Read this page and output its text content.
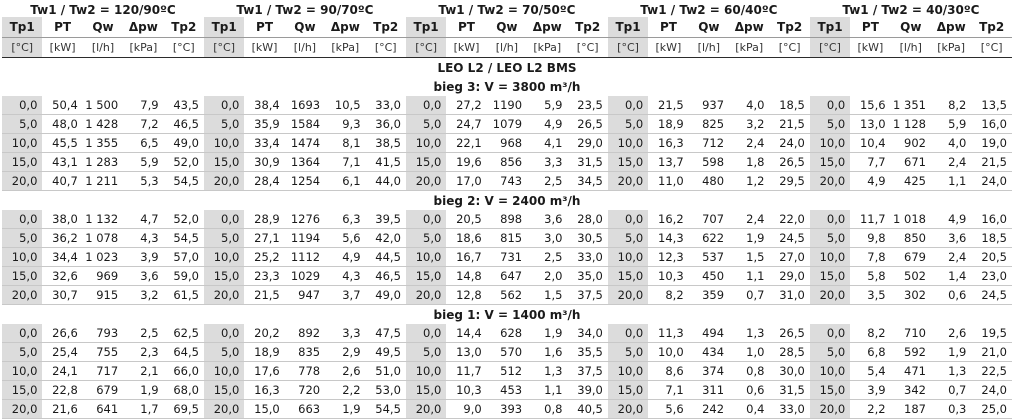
Tw1 / Tw2 = 120/90ºC					Tw1 / Tw2 = 90/70ºC					Tw1 / Tw2 = 70/50ºC					Tw1 / Tw2 = 60/40ºC					Tw1 / Tw2 = 40/30ºC				
Tp1	PT	Qw	Δpw	Tp2	Tp1	PT	Qw	Δpw	Tp2	Tp1	PT	Qw	Δpw	Tp2	Tp1	PT	Qw	Δpw	Tp2	Tp1	PT	Qw	Δpw	Tp2
[°C]	[kW]	[l/h]	[kPa]	[°C]	[°C]	[kW]	[l/h]	[kPa]	[°C]	[°C]	[kW]	[l/h]	[kPa]	[°C]	[°C]	[kW]	[l/h]	[kPa]	[°C]	[°C]	[kW]	[l/h]	[kPa]	[°C]
LEO L2 / LEO L2 BMS																								
bieg 3: V = 3800 m³/h																								
0,0	50,4	1 500	7,9	43,5	0,0	38,4	1693	10,5	33,0	0,0	27,2	1190	5,9	23,5	0,0	21,5	937	4,0	18,5	0,0	15,6	1 351	8,2	13,5
5,0	48,0	1 428	7,2	46,5	5,0	35,9	1584	9,3	36,0	5,0	24,7	1079	4,9	26,5	5,0	18,9	825	3,2	21,5	5,0	13,0	1 128	5,9	16,0
10,0	45,5	1 355	6,5	49,0	10,0	33,4	1474	8,1	38,5	10,0	22,1	968	4,1	29,0	10,0	16,3	712	2,4	24,0	10,0	10,4	902	4,0	19,0
15,0	43,1	1 283	5,9	52,0	15,0	30,9	1364	7,1	41,5	15,0	19,6	856	3,3	31,5	15,0	13,7	598	1,8	26,5	15,0	7,7	671	2,4	21,5
20,0	40,7	1 211	5,3	54,5	20,0	28,4	1254	6,1	44,0	20,0	17,0	743	2,5	34,5	20,0	11,0	480	1,2	29,5	20,0	4,9	425	1,1	24,0
bieg 2: V = 2400 m³/h																								
0,0	38,0	1 132	4,7	52,0	0,0	28,9	1276	6,3	39,5	0,0	20,5	898	3,6	28,0	0,0	16,2	707	2,4	22,0	0,0	11,7	1 018	4,9	16,0
5,0	36,2	1 078	4,3	54,5	5,0	27,1	1194	5,6	42,0	5,0	18,6	815	3,0	30,5	5,0	14,3	622	1,9	24,5	5,0	9,8	850	3,6	18,5
10,0	34,4	1 023	3,9	57,0	10,0	25,2	1112	4,9	44,5	10,0	16,7	731	2,5	33,0	10,0	12,3	537	1,5	27,0	10,0	7,8	679	2,4	20,5
15,0	32,6	969	3,6	59,0	15,0	23,3	1029	4,3	46,5	15,0	14,8	647	2,0	35,0	15,0	10,3	450	1,1	29,0	15,0	5,8	502	1,4	23,0
20,0	30,7	915	3,2	61,5	20,0	21,5	947	3,7	49,0	20,0	12,8	562	1,5	37,5	20,0	8,2	359	0,7	31,0	20,0	3,5	302	0,6	24,5
bieg 1: V = 1400 m³/h																								
0,0	26,6	793	2,5	62,5	0,0	20,2	892	3,3	47,5	0,0	14,4	628	1,9	34,0	0,0	11,3	494	1,3	26,5	0,0	8,2	710	2,6	19,5
5,0	25,4	755	2,3	64,5	5,0	18,9	835	2,9	49,5	5,0	13,0	570	1,6	35,5	5,0	10,0	434	1,0	28,5	5,0	6,8	592	1,9	21,0
10,0	24,1	717	2,1	66,0	10,0	17,6	778	2,6	51,0	10,0	11,7	512	1,3	37,5	10,0	8,6	374	0,8	30,0	10,0	5,4	471	1,3	22,5
15,0	22,8	679	1,9	68,0	15,0	16,3	720	2,2	53,0	15,0	10,3	453	1,1	39,0	15,0	7,1	311	0,6	31,5	15,0	3,9	342	0,7	24,0
20,0	21,6	641	1,7	69,5	20,0	15,0	663	1,9	54,5	20,0	9,0	393	0,8	40,5	20,0	5,6	242	0,4	33,0	20,0	2,2	187	0,3	25,0
